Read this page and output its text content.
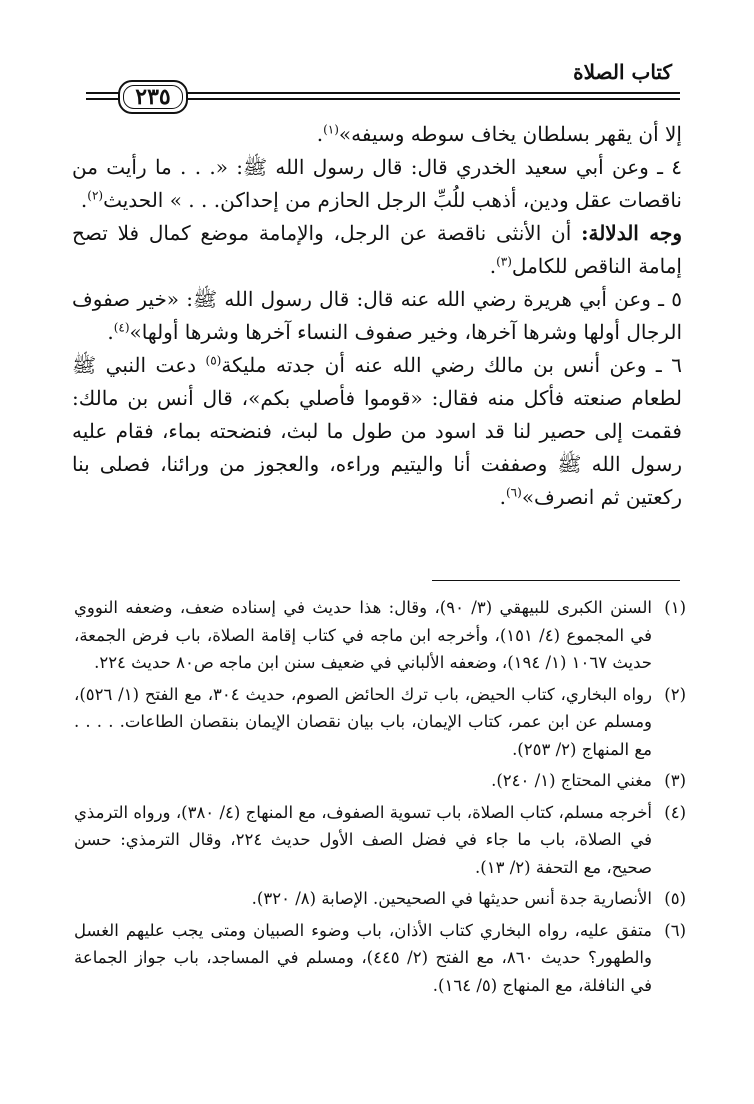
كتاب الصلاة
٢٣٥

إلا أن يقهر بسلطان يخاف سوطه وسيفه»$^{(١)}$.

٤ ـ وعن أبي سعيد الخدري قال: قال رسول الله ﷺ: «. . . ما رأيت من ناقصات عقل ودين، أذهب للُبِّ الرجل الحازم من إحداكن. . . » الحديث$^{(٢)}$.

وجه الدلالة: أن الأنثى ناقصة عن الرجل، والإمامة موضع كمال فلا تصح إمامة الناقص للكامل$^{(٣)}$.

٥ ـ وعن أبي هريرة رضي الله عنه قال: قال رسول الله ﷺ: «خير صفوف الرجال أولها وشرها آخرها، وخير صفوف النساء آخرها وشرها أولها»$^{(٤)}$.

٦ ـ وعن أنس بن مالك رضي الله عنه أن جدته مليكة$^{(٥)}$ دعت النبي ﷺ لطعام صنعته فأكل منه فقال: «قوموا فأصلي بكم»، قال أنس بن مالك: فقمت إلى حصير لنا قد اسود من طول ما لبث، فنضحته بماء، فقام عليه رسول الله ﷺ وصففت أنا واليتيم وراءه، والعجوز من ورائنا، فصلى بنا ركعتين ثم انصرف»$^{(٦)}$.

(١)
السنن الكبرى للبيهقي (٣/ ٩٠)، وقال: هذا حديث في إسناده ضعف، وضعفه النووي في المجموع (٤/ ١٥١)، وأخرجه ابن ماجه في كتاب إقامة الصلاة، باب فرض الجمعة، حديث ١٠٦٧ (١/ ١٩٤)، وضعفه الألباني في ضعيف سنن ابن ماجه ص٨٠ حديث ٢٢٤.
(٢)
رواه البخاري، كتاب الحيض، باب ترك الحائض الصوم، حديث ٣٠٤، مع الفتح (١/ ٥٢٦)، ومسلم عن ابن عمر، كتاب الإيمان، باب بيان نقصان الإيمان بنقصان الطاعات. . . . . مع المنهاج (٢/ ٢٥٣).
(٣)
مغني المحتاج (١/ ٢٤٠).
(٤)
أخرجه مسلم، كتاب الصلاة، باب تسوية الصفوف، مع المنهاج (٤/ ٣٨٠)، ورواه الترمذي في الصلاة، باب ما جاء في فضل الصف الأول حديث ٢٢٤، وقال الترمذي: حسن صحيح، مع التحفة (٢/ ١٣).
(٥)
الأنصارية جدة أنس حديثها في الصحيحين. الإصابة (٨/ ٣٢٠).
(٦)
متفق عليه، رواه البخاري كتاب الأذان، باب وضوء الصبيان ومتى يجب عليهم الغسل والطهور؟ حديث ٨٦٠، مع الفتح (٢/ ٤٤٥)، ومسلم في المساجد، باب جواز الجماعة في النافلة، مع المنهاج (٥/ ١٦٤).
